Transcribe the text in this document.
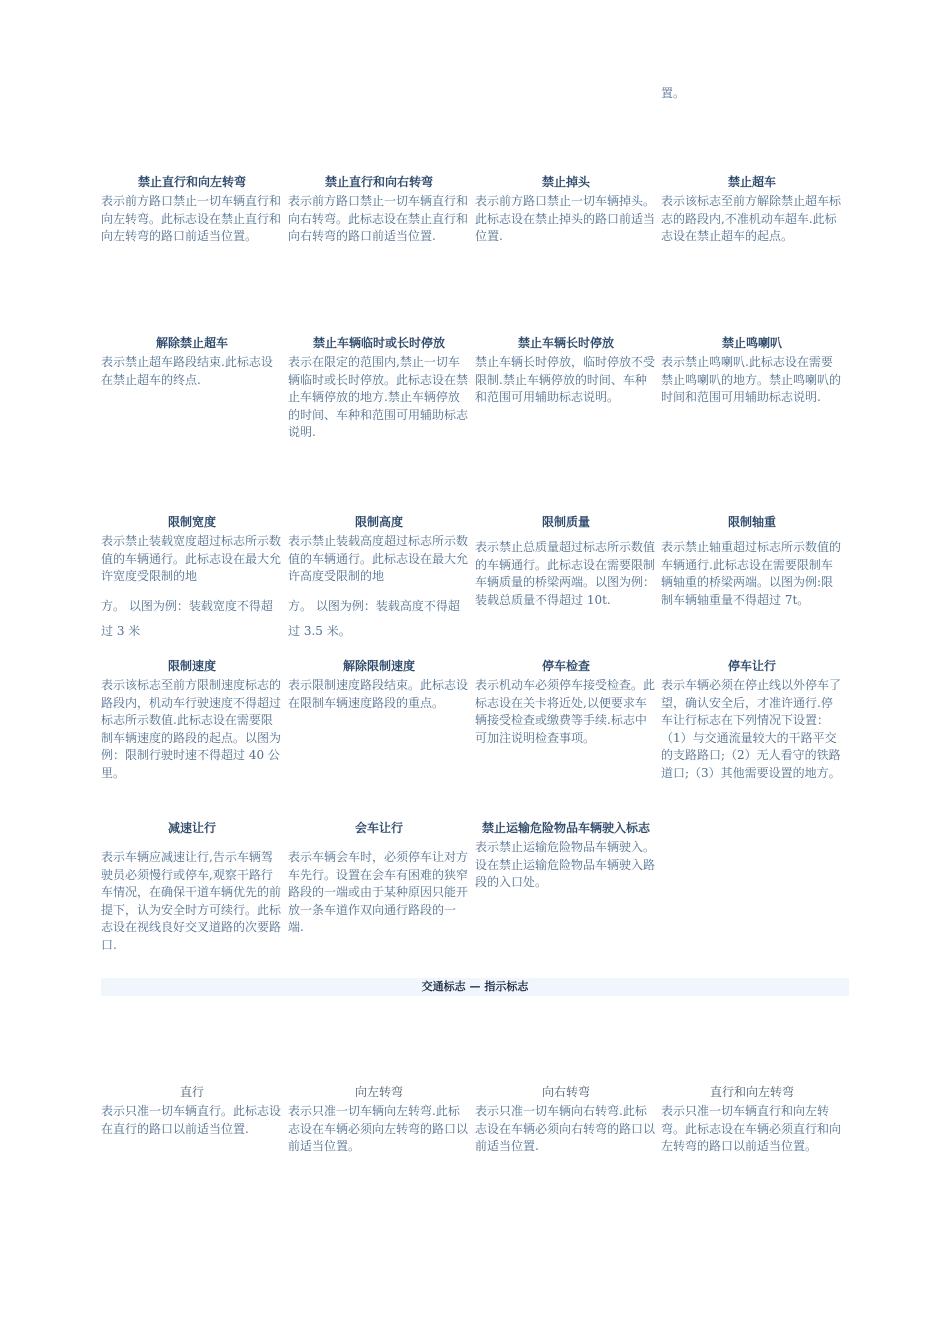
置。
禁止直行和向左转弯
表示前方路口禁止一切车辆直行和向左转弯。此标志设在禁止直行和向左转弯的路口前适当位置。
禁止直行和向右转弯
表示前方路口禁止一切车辆直行和向右转弯。此标志设在禁止直行和向右转弯的路口前适当位置.
禁止掉头
表示前方路口禁止一切车辆掉头。此标志设在禁止掉头的路口前适当位置.
禁止超车
表示该标志至前方解除禁止超车标志的路段内,不准机动车超车.此标志设在禁止超车的起点。
解除禁止超车
表示禁止超车路段结束.此标志设在禁止超车的终点.
禁止车辆临时或长时停放
表示在限定的范围内,禁止一切车辆临时或长时停放。此标志设在禁止车辆停放的地方.禁止车辆停放的时间、车种和范围可用辅助标志说明.
禁止车辆长时停放
禁止车辆长时停放，临时停放不受限制.禁止车辆停放的时间、车种和范围可用辅助标志说明。
禁止鸣喇叭
表示禁止鸣喇叭.此标志设在需要禁止鸣喇叭的地方。禁止鸣喇叭的时间和范围可用辅助标志说明.
限制宽度
表示禁止装载宽度超过标志所示数值的车辆通行。此标志设在最大允许宽度受限制的地
方。 以图为例：装载宽度不得超过 3 米
限制高度
表示禁止装载高度超过标志所示数值的车辆通行。此标志设在最大允许高度受限制的地
方。 以图为例：装载高度不得超过 3.5 米。
限制质量
表示禁止总质量超过标志所示数值的车辆通行。此标志设在需要限制车辆质量的桥梁两端。以图为例：装载总质量不得超过 10t.
限制轴重
表示禁止轴重超过标志所示数值的车辆通行.此标志设在需要限制车辆轴重的桥梁两端。以图为例:限制车辆轴重量不得超过 7t。
限制速度
表示该标志至前方限制速度标志的路段内，机动车行驶速度不得超过标志所示数值.此标志设在需要限制车辆速度的路段的起点。以图为例：限制行驶时速不得超过 40 公里。
解除限制速度
表示限制速度路段结束。此标志设在限制车辆速度路段的重点。
停车检查
表示机动车必须停车接受检查。此标志设在关卡将近处,以便要求车辆接受检查或缴费等手续.标志中可加注说明检查事项。
停车让行
表示车辆必须在停止线以外停车了望，确认安全后，才准许通行.停车让行标志在下列情况下设置：（1）与交通流量较大的干路平交的支路路口;（2）无人看守的铁路道口;（3）其他需要设置的地方。
减速让行
表示车辆应减速让行,告示车辆驾驶员必须慢行或停车,观察干路行车情况，在确保干道车辆优先的前提下，认为安全时方可续行。此标志设在视线良好交叉道路的次要路口.
会车让行
表示车辆会车时，必须停车让对方车先行。设置在会车有困难的狭窄路段的一端或由于某种原因只能开放一条车道作双向通行路段的一端.
禁止运输危险物品车辆驶入标志
表示禁止运输危险物品车辆驶入。设在禁止运输危险物品车辆驶入路段的入口处。
直行
表示只准一切车辆直行。此标志设在直行的路口以前适当位置.
向左转弯
表示只准一切车辆向左转弯.此标志设在车辆必须向左转弯的路口以前适当位置。
向右转弯
表示只准一切车辆向右转弯.此标志设在车辆必须向右转弯的路口以前适当位置.
直行和向左转弯
表示只准一切车辆直行和向左转弯。此标志设在车辆必须直行和向左转弯的路口以前适当位置。
交通标志 — 指示标志
